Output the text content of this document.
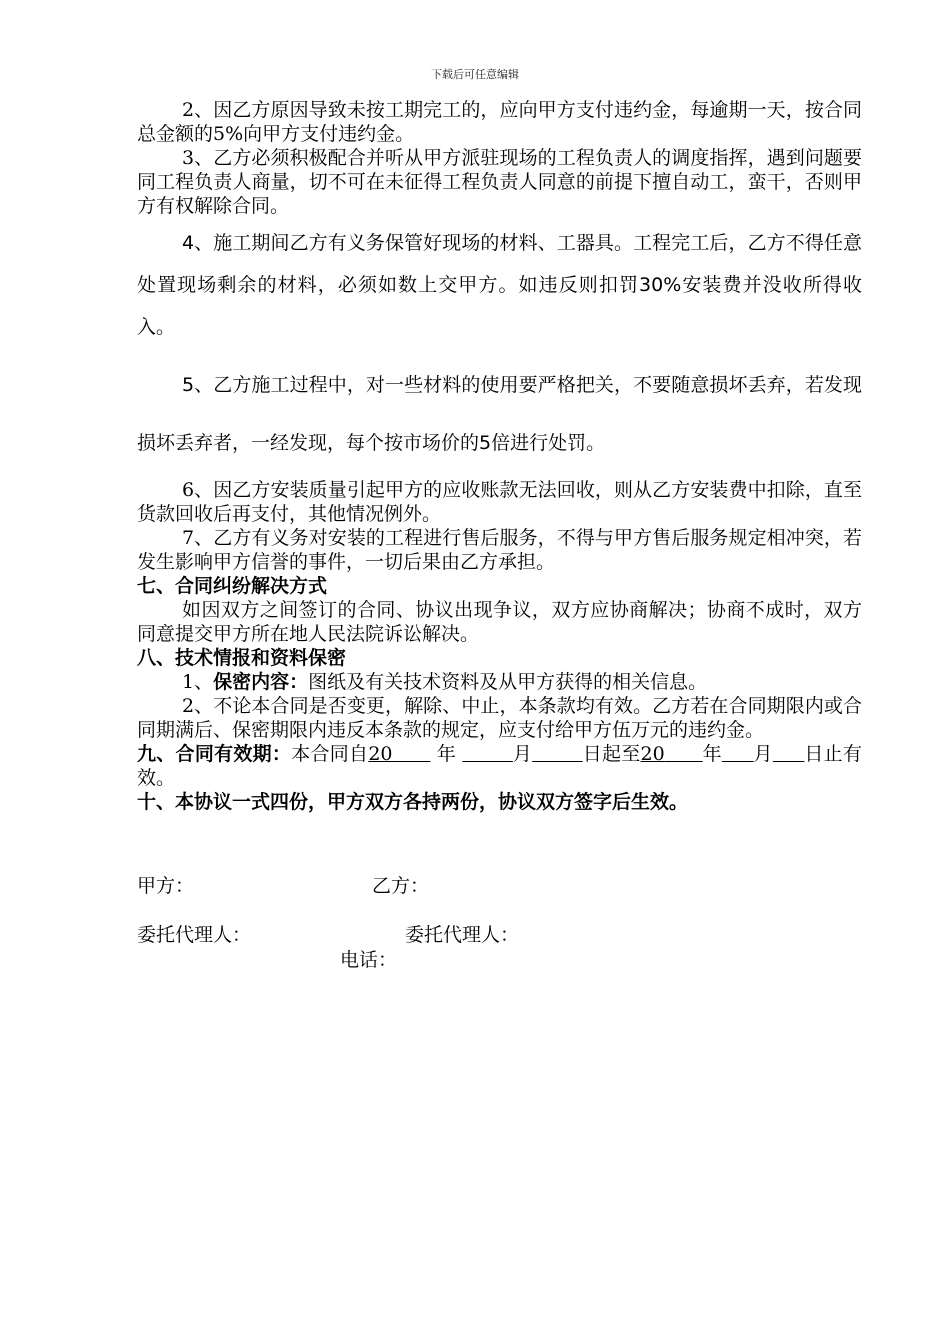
下载后可任意编辑

2、因乙方原因导致未按工期完工的，应向甲方支付违约金，每逾期一天，按合同总金额的5%向甲方支付违约金。

3、乙方必须积极配合并听从甲方派驻现场的工程负责人的调度指挥，遇到问题要同工程负责人商量，切不可在未征得工程负责人同意的前提下擅自动工，蛮干，否则甲方有权解除合同。

4、施工期间乙方有义务保管好现场的材料、工器具。工程完工后，乙方不得任意处置现场剩余的材料，必须如数上交甲方。如违反则扣罚30%安装费并没收所得收入。

5、乙方施工过程中，对一些材料的使用要严格把关，不要随意损坏丢弃，若发现损坏丢弃者，一经发现，每个按市场价的5倍进行处罚。

6、因乙方安装质量引起甲方的应收账款无法回收，则从乙方安装费中扣除，直至货款回收后再支付，其他情况例外。

7、乙方有义务对安装的工程进行售后服务，不得与甲方售后服务规定相冲突，若发生影响甲方信誉的事件，一切后果由乙方承担。

七、合同纠纷解决方式

如因双方之间签订的合同、协议出现争议，双方应协商解决；协商不成时，双方同意提交甲方所在地人民法院诉讼解决。

八、技术情报和资料保密

1、保密内容：图纸及有关技术资料及从甲方获得的相关信息。

2、不论本合同是否变更，解除、中止，本条款均有效。乙方若在合同期限内或合同期满后、保密期限内违反本条款的规定，应支付给甲方伍万元的违约金。

九、合同有效期：本合同自20 年	月	日起至20 年 月 日止有效。

十、本协议一式四份，甲方双方各持两份，协议双方签字后生效。

甲方：	乙方：
委托代理人：	委托代理人：
电话：
